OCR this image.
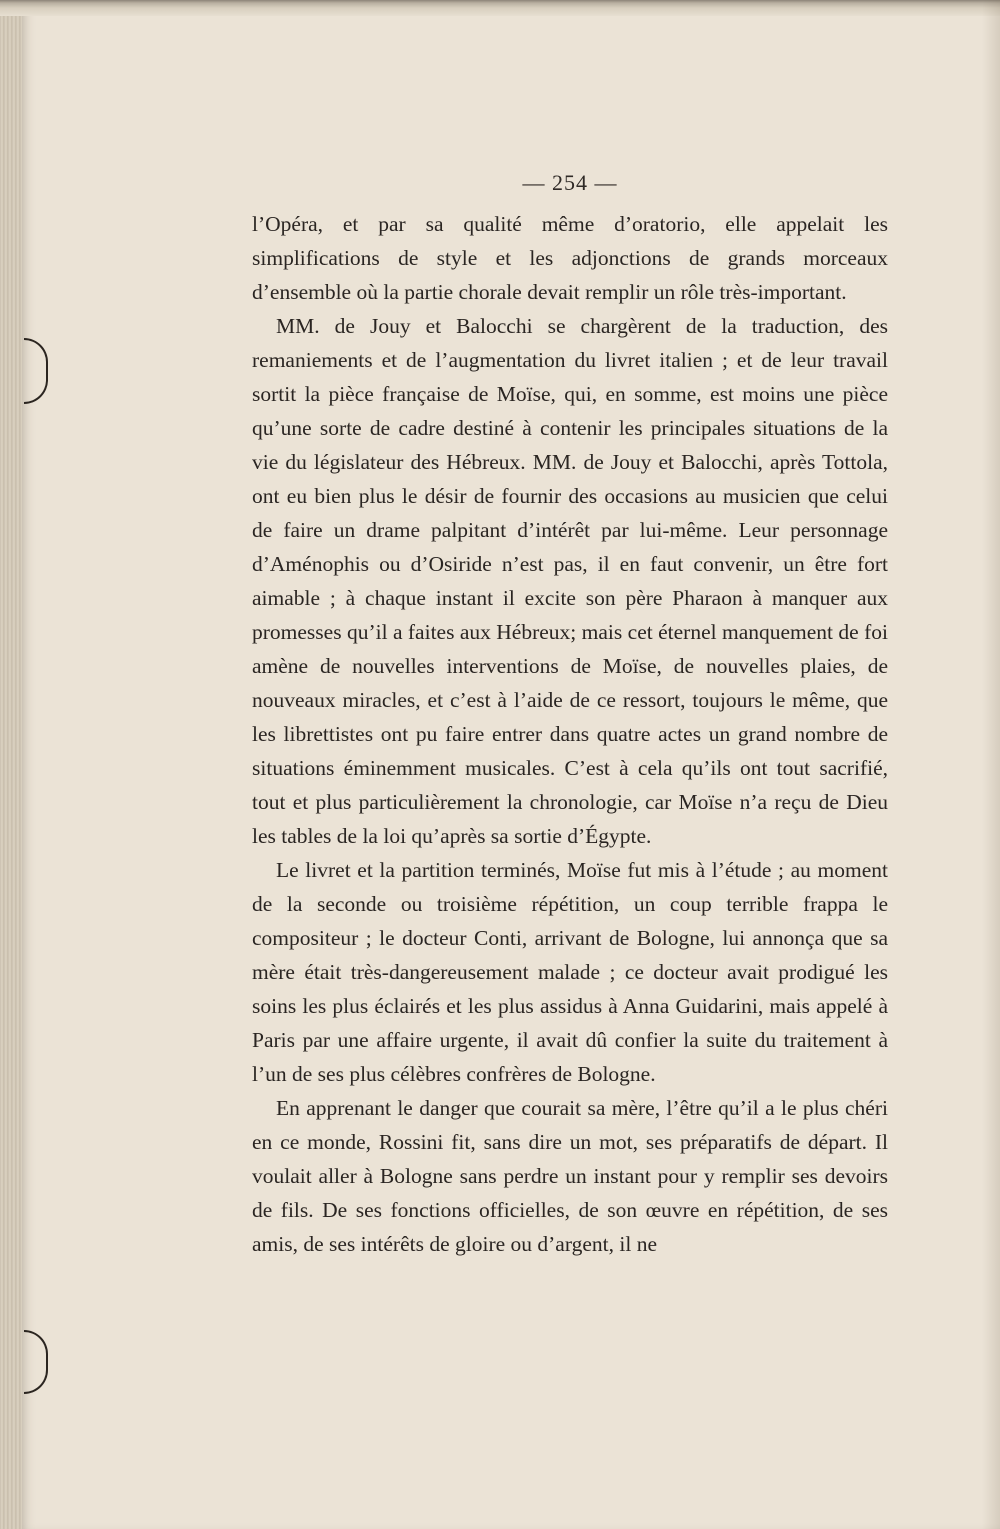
— 254 —

l’Opéra, et par sa qualité même d’oratorio, elle appelait les simplifications de style et les adjonctions de grands morceaux d’ensemble où la partie chorale devait remplir un rôle très-important.

MM. de Jouy et Balocchi se chargèrent de la traduction, des remaniements et de l’augmentation du livret italien ; et de leur travail sortit la pièce française de Moïse, qui, en somme, est moins une pièce qu’une sorte de cadre destiné à contenir les principales situations de la vie du législateur des Hébreux. MM. de Jouy et Balocchi, après Tottola, ont eu bien plus le désir de fournir des occasions au musicien que celui de faire un drame palpitant d’intérêt par lui-même. Leur personnage d’Aménophis ou d’Osiride n’est pas, il en faut convenir, un être fort aimable ; à chaque instant il excite son père Pharaon à manquer aux promesses qu’il a faites aux Hébreux; mais cet éternel manquement de foi amène de nouvelles interventions de Moïse, de nouvelles plaies, de nouveaux miracles, et c’est à l’aide de ce ressort, toujours le même, que les librettistes ont pu faire entrer dans quatre actes un grand nombre de situations éminemment musicales. C’est à cela qu’ils ont tout sacrifié, tout et plus particulièrement la chronologie, car Moïse n’a reçu de Dieu les tables de la loi qu’après sa sortie d’Égypte.

Le livret et la partition terminés, Moïse fut mis à l’étude ; au moment de la seconde ou troisième répétition, un coup terrible frappa le compositeur ; le docteur Conti, arrivant de Bologne, lui annonça que sa mère était très-dangereusement malade ; ce docteur avait prodigué les soins les plus éclairés et les plus assidus à Anna Guidarini, mais appelé à Paris par une affaire urgente, il avait dû confier la suite du traitement à l’un de ses plus célèbres confrères de Bologne.

En apprenant le danger que courait sa mère, l’être qu’il a le plus chéri en ce monde, Rossini fit, sans dire un mot, ses préparatifs de départ. Il voulait aller à Bologne sans perdre un instant pour y remplir ses devoirs de fils. De ses fonctions officielles, de son œuvre en répétition, de ses amis, de ses intérêts de gloire ou d’argent, il ne
